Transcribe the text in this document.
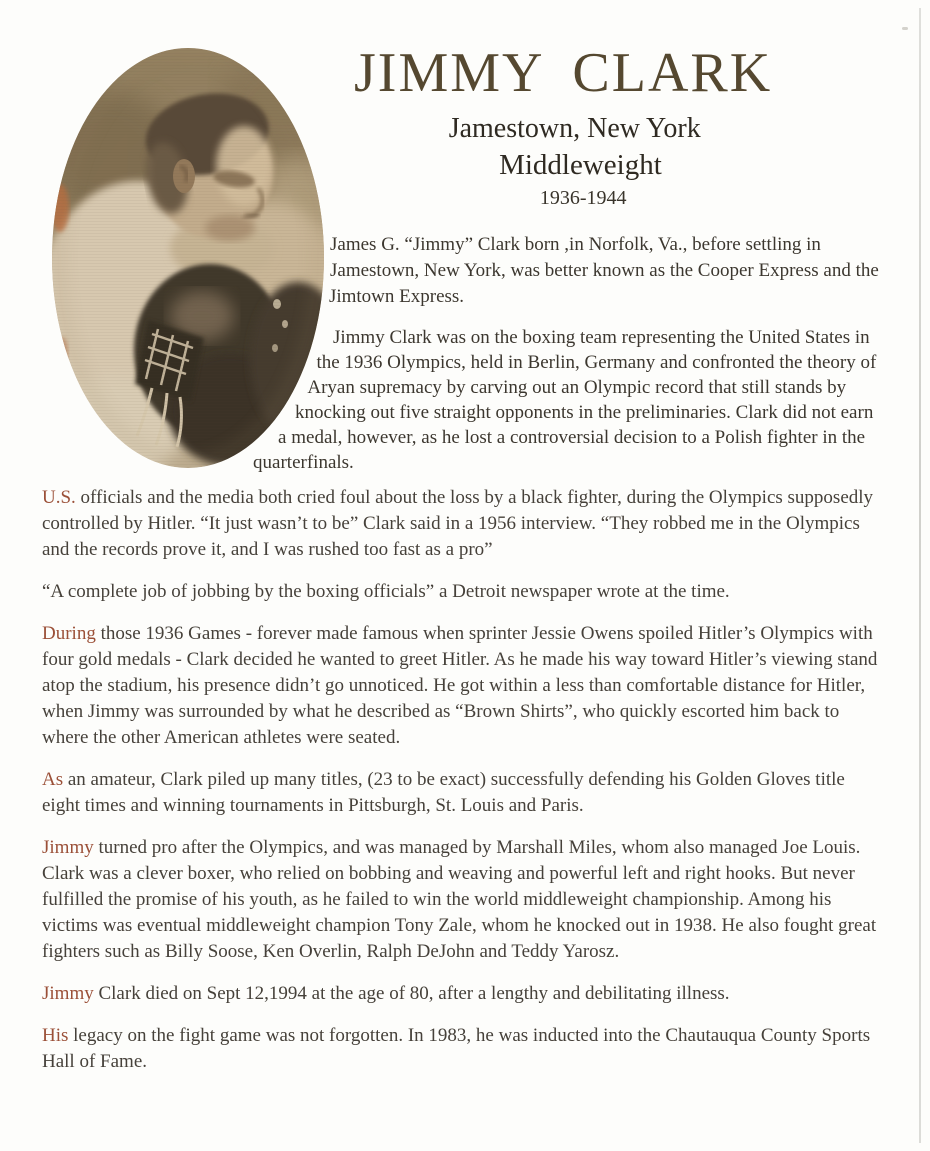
JIMMY CLARK
Jamestown, New York
Middleweight
1936-1944

James G. “Jimmy” Clark born ,in Norfolk, Va., before settling in Jamestown, New York, was better known as the Cooper Express and the Jimtown Express.

Jimmy Clark was on the boxing team representing the United States in the 1936 Olympics, held in Berlin, Germany and confronted the theory of Aryan supremacy by carving out an Olympic record that still stands by knocking out five straight opponents in the preliminaries. Clark did not earn a medal, however, as he lost a controversial decision to a Polish fighter in the quarterfinals.

U.S. officials and the media both cried foul about the loss by a black fighter, during the Olympics supposedly controlled by Hitler. “It just wasn’t to be” Clark said in a 1956 interview. “They robbed me in the Olympics and the records prove it, and I was rushed too fast as a pro”

“A complete job of jobbing by the boxing officials” a Detroit newspaper wrote at the time.

During those 1936 Games - forever made famous when sprinter Jessie Owens spoiled Hitler’s Olympics with four gold medals - Clark decided he wanted to greet Hitler. As he made his way toward Hitler’s viewing stand atop the stadium, his presence didn’t go unnoticed. He got within a less than comfortable distance for Hitler, when Jimmy was surrounded by what he described as “Brown Shirts”, who quickly escorted him back to where the other American athletes were seated.

As an amateur, Clark piled up many titles, (23 to be exact) successfully defending his Golden Gloves title eight times and winning tournaments in Pittsburgh, St. Louis and Paris.

Jimmy turned pro after the Olympics, and was managed by Marshall Miles, whom also managed Joe Louis. Clark was a clever boxer, who relied on bobbing and weaving and powerful left and right hooks. But never fulfilled the promise of his youth, as he failed to win the world middleweight championship. Among his victims was eventual middleweight champion Tony Zale, whom he knocked out in 1938. He also fought great fighters such as Billy Soose, Ken Overlin, Ralph DeJohn and Teddy Yarosz.

Jimmy Clark died on Sept 12,1994 at the age of 80, after a lengthy and debilitating illness.

His legacy on the fight game was not forgotten. In 1983, he was inducted into the Chautauqua County Sports Hall of Fame.
